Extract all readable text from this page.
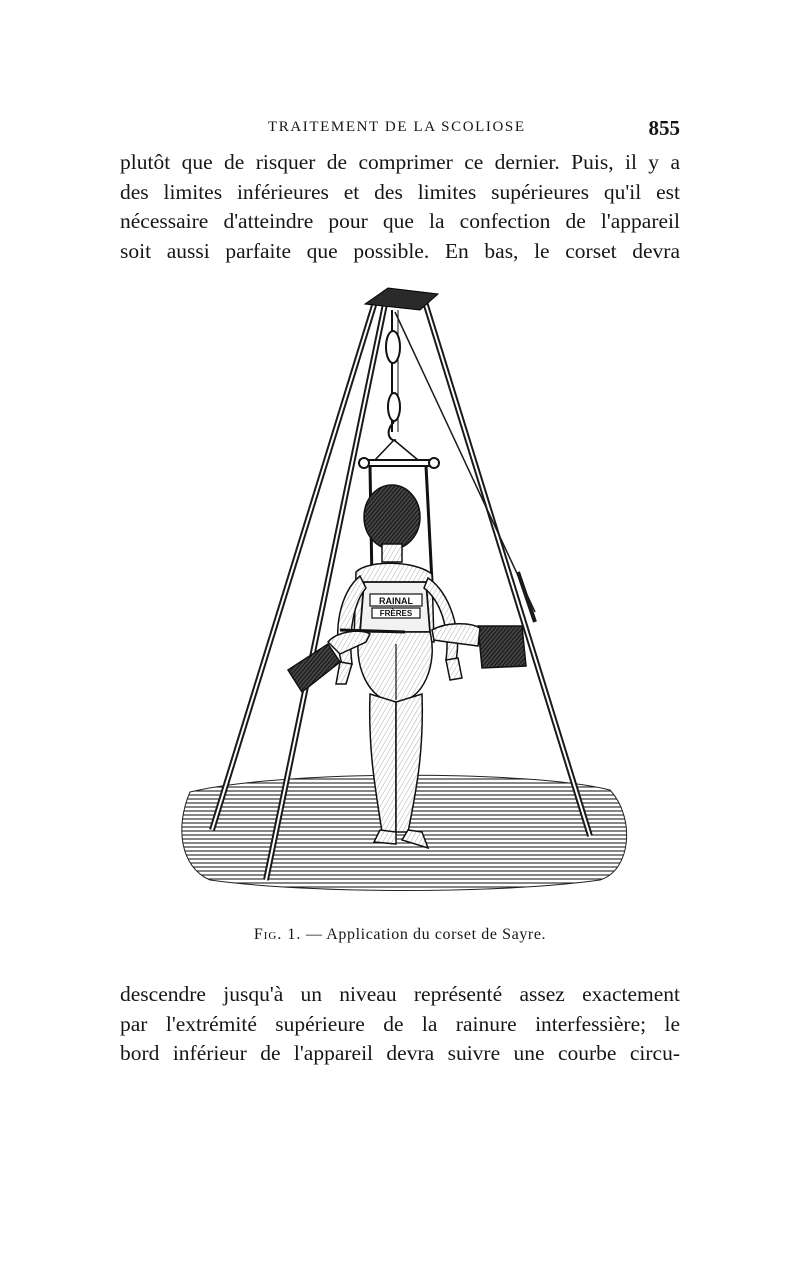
TRAITEMENT DE LA SCOLIOSE	855
plutôt que de risquer de comprimer ce dernier. Puis, il y a
des limites inférieures et des limites supérieures qu'il est
nécessaire d'atteindre pour que la confection de l'appareil
soit aussi parfaite que possible. En bas, le corset devra
RAINAL
FRÈRES
Fig. 1. — Application du corset de Sayre.
descendre jusqu'à un niveau représenté assez exactement
par l'extrémité supérieure de la rainure interfessière; le
bord inférieur de l'appareil devra suivre une courbe circu-
